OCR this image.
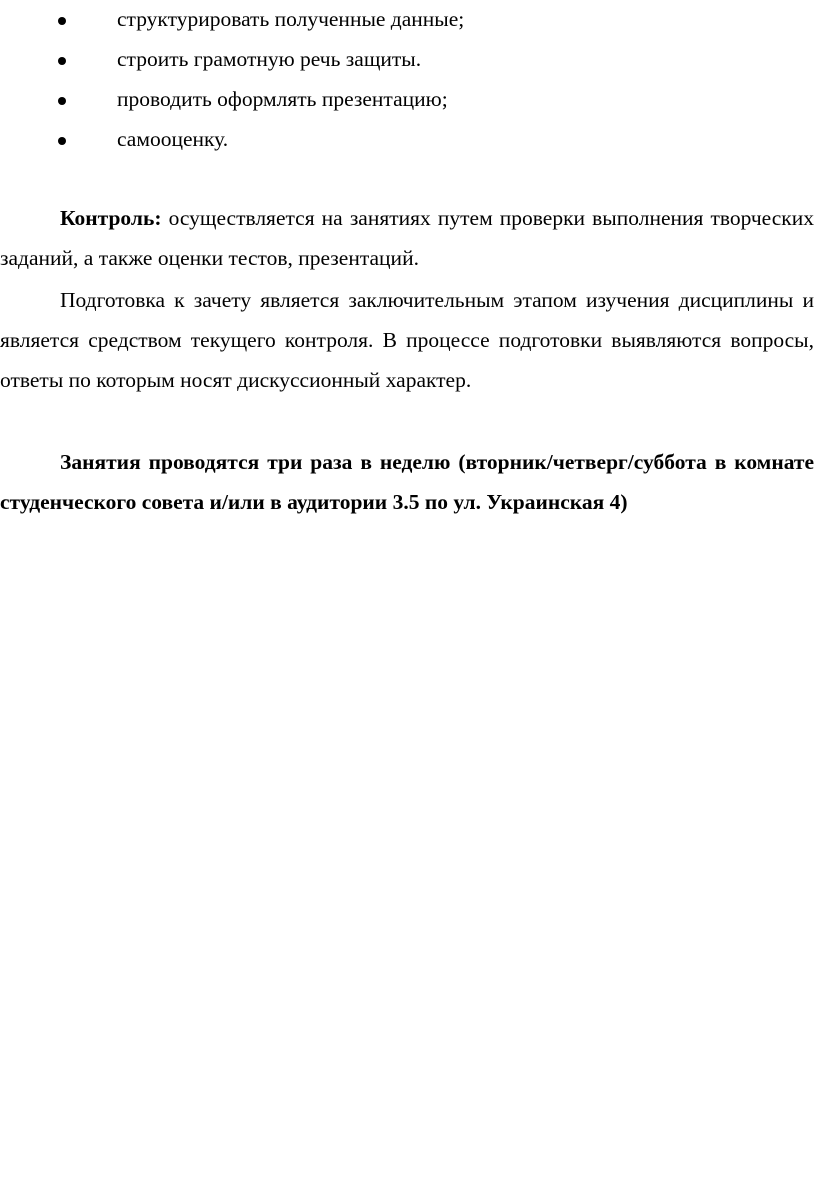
структурировать полученные данные;
строить грамотную речь защиты.
проводить оформлять презентацию;
самооценку.

Контроль: осуществляется на занятиях путем проверки выполнения творческих заданий, а также оценки тестов, презентаций.

Подготовка к зачету является заключительным этапом изучения дисциплины и является средством текущего контроля. В процессе подготовки выявляются вопросы, ответы по которым носят дискуссионный характер.

Занятия проводятся три раза в неделю (вторник/четверг/суббота в комнате студенческого совета и/или в аудитории 3.5 по ул. Украинская 4)
